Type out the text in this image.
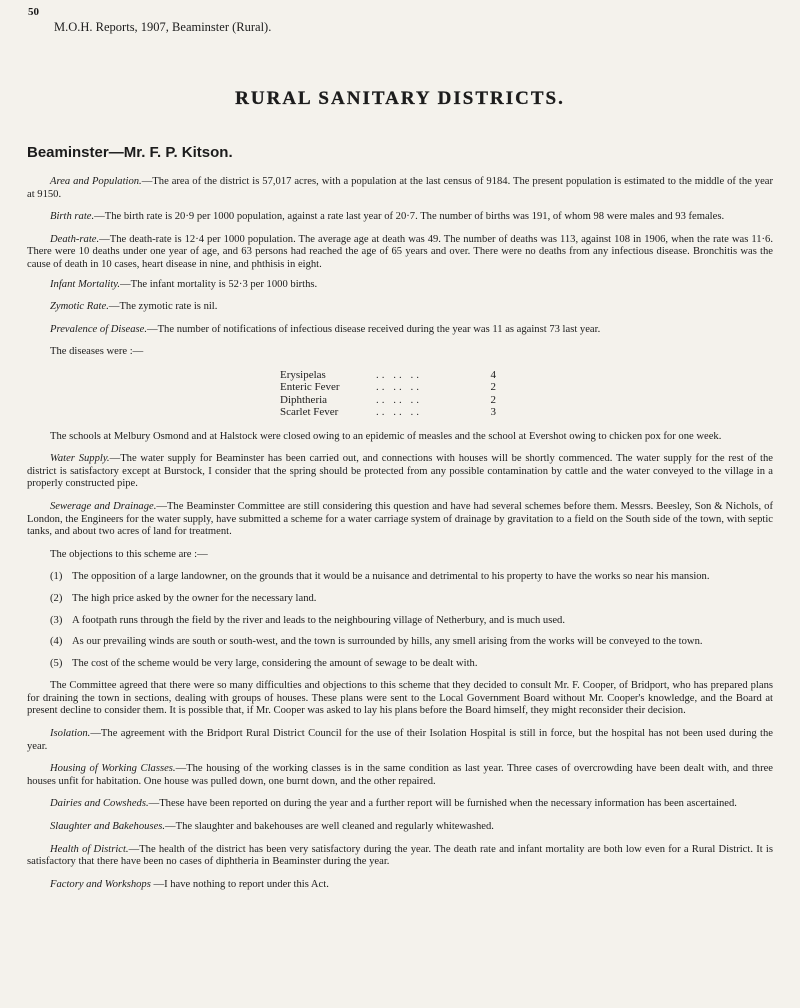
50
M.O.H. Reports, 1907, Beaminster (Rural).
RURAL SANITARY DISTRICTS.
Beaminster—Mr. F. P. Kitson.

Area and Population.—The area of the district is 57,017 acres, with a population at the last census of 9184. The present population is estimated to the middle of the year at 9150.

Birth rate.—The birth rate is 20·9 per 1000 population, against a rate last year of 20·7. The number of births was 191, of whom 98 were males and 93 females.

Death-rate.—The death-rate is 12·4 per 1000 population. The average age at death was 49. The number of deaths was 113, against 108 in 1906, when the rate was 11·6. There were 10 deaths under one year of age, and 63 persons had reached the age of 65 years and over. There were no deaths from any infectious disease. Bronchitis was the cause of death in 10 cases, heart disease in nine, and phthisis in eight.

Infant Mortality.—The infant mortality is 52·3 per 1000 births.

Zymotic Rate.—The zymotic rate is nil.

Prevalence of Disease.—The number of notifications of infectious disease received during the year was 11 as against 73 last year.

The diseases were :—

Erysipelas	.. .. ..	4
Enteric Fever	.. .. ..	2
Diphtheria	.. .. ..	2
Scarlet Fever	.. .. ..	3

The schools at Melbury Osmond and at Halstock were closed owing to an epidemic of measles and the school at Evershot owing to chicken pox for one week.

Water Supply.—The water supply for Beaminster has been carried out, and connections with houses will be shortly commenced. The water supply for the rest of the district is satisfactory except at Burstock, I consider that the spring should be protected from any possible contamination by cattle and the water conveyed to the village in a properly constructed pipe.

Sewerage and Drainage.—The Beaminster Committee are still considering this question and have had several schemes before them. Messrs. Beesley, Son & Nichols, of London, the Engineers for the water supply, have submitted a scheme for a water carriage system of drainage by gravitation to a field on the South side of the town, with septic tanks, and about two acres of land for treatment.

The objections to this scheme are :—

(1) The opposition of a large landowner, on the grounds that it would be a nuisance and detrimental to his property to have the works so near his mansion.
(2) The high price asked by the owner for the necessary land.
(3) A footpath runs through the field by the river and leads to the neighbouring village of Netherbury, and is much used.
(4) As our prevailing winds are south or south-west, and the town is surrounded by hills, any smell arising from the works will be conveyed to the town.
(5) The cost of the scheme would be very large, considering the amount of sewage to be dealt with.

The Committee agreed that there were so many difficulties and objections to this scheme that they decided to consult Mr. F. Cooper, of Bridport, who has prepared plans for draining the town in sections, dealing with groups of houses. These plans were sent to the Local Government Board without Mr. Cooper's knowledge, and the Board at present decline to consider them. It is possible that, if Mr. Cooper was asked to lay his plans before the Board himself, they might reconsider their decision.

Isolation.—The agreement with the Bridport Rural District Council for the use of their Isolation Hospital is still in force, but the hospital has not been used during the year.

Housing of Working Classes.—The housing of the working classes is in the same condition as last year. Three cases of overcrowding have been dealt with, and three houses unfit for habitation. One house was pulled down, one burnt down, and the other repaired.

Dairies and Cowsheds.—These have been reported on during the year and a further report will be furnished when the necessary information has been ascertained.

Slaughter and Bakehouses.—The slaughter and bakehouses are well cleaned and regularly whitewashed.

Health of District.—The health of the district has been very satisfactory during the year. The death rate and infant mortality are both low even for a Rural District. It is satisfactory that there have been no cases of diphtheria in Beaminster during the year.

Factory and Workshops —I have nothing to report under this Act.
